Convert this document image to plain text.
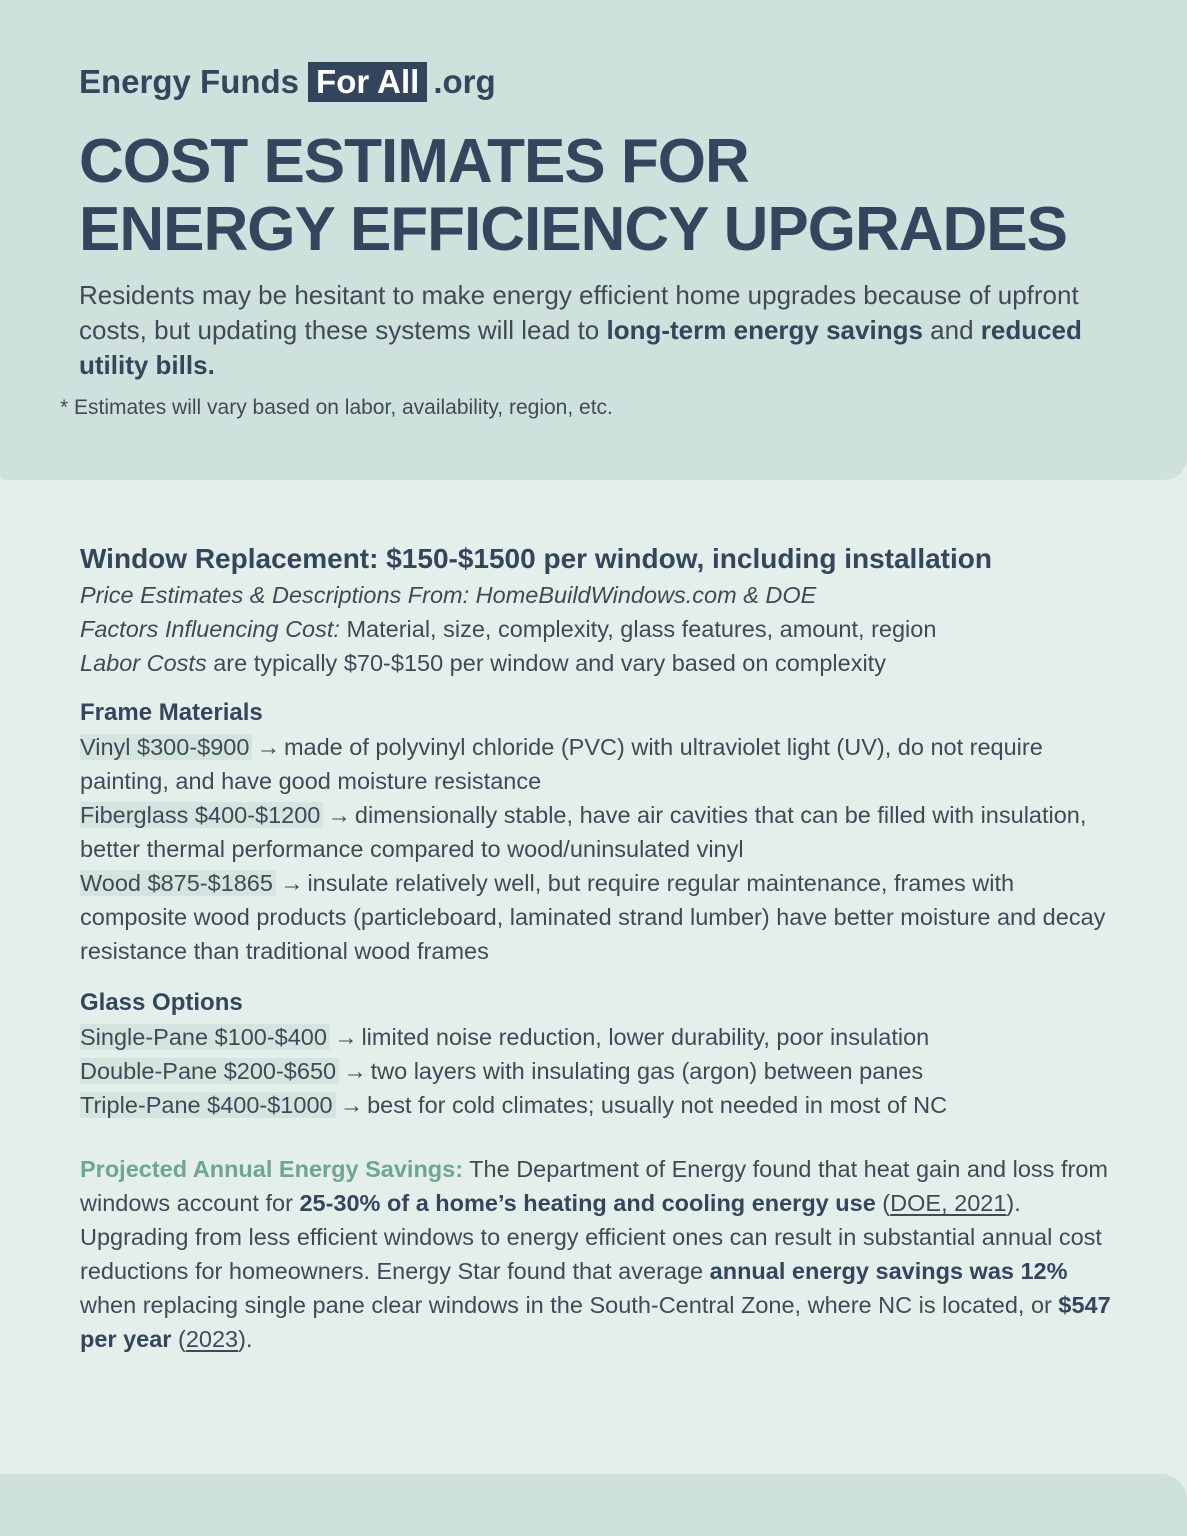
Energy Funds For All .org
COST ESTIMATES FOR
ENERGY EFFICIENCY UPGRADES
Residents may be hesitant to make energy efficient home upgrades because of upfront costs, but updating these systems will lead to long-term energy savings and reduced utility bills.
* Estimates will vary based on labor, availability, region, etc.

Window Replacement: $150-$1500 per window, including installation

Price Estimates & Descriptions From: HomeBuildWindows.com & DOE

Factors Influencing Cost: Material, size, complexity, glass features, amount, region

Labor Costs are typically $70-$150 per window and vary based on complexity

Frame Materials

Vinyl $300-$900 → made of polyvinyl chloride (PVC) with ultraviolet light (UV), do not require painting, and have good moisture resistance

Fiberglass $400-$1200 → dimensionally stable, have air cavities that can be filled with insulation, better thermal performance compared to wood/uninsulated vinyl

Wood $875-$1865 → insulate relatively well, but require regular maintenance, frames with composite wood products (particleboard, laminated strand lumber) have better moisture and decay resistance than traditional wood frames

Glass Options

Single-Pane $100-$400 → limited noise reduction, lower durability, poor insulation

Double-Pane $200-$650 → two layers with insulating gas (argon) between panes

Triple-Pane $400-$1000 → best for cold climates; usually not needed in most of NC

Projected Annual Energy Savings: The Department of Energy found that heat gain and loss from windows account for 25-30% of a home’s heating and cooling energy use (DOE, 2021). Upgrading from less efficient windows to energy efficient ones can result in substantial annual cost reductions for homeowners. Energy Star found that average annual energy savings was 12% when replacing single pane clear windows in the South-Central Zone, where NC is located, or $547 per year (2023).
